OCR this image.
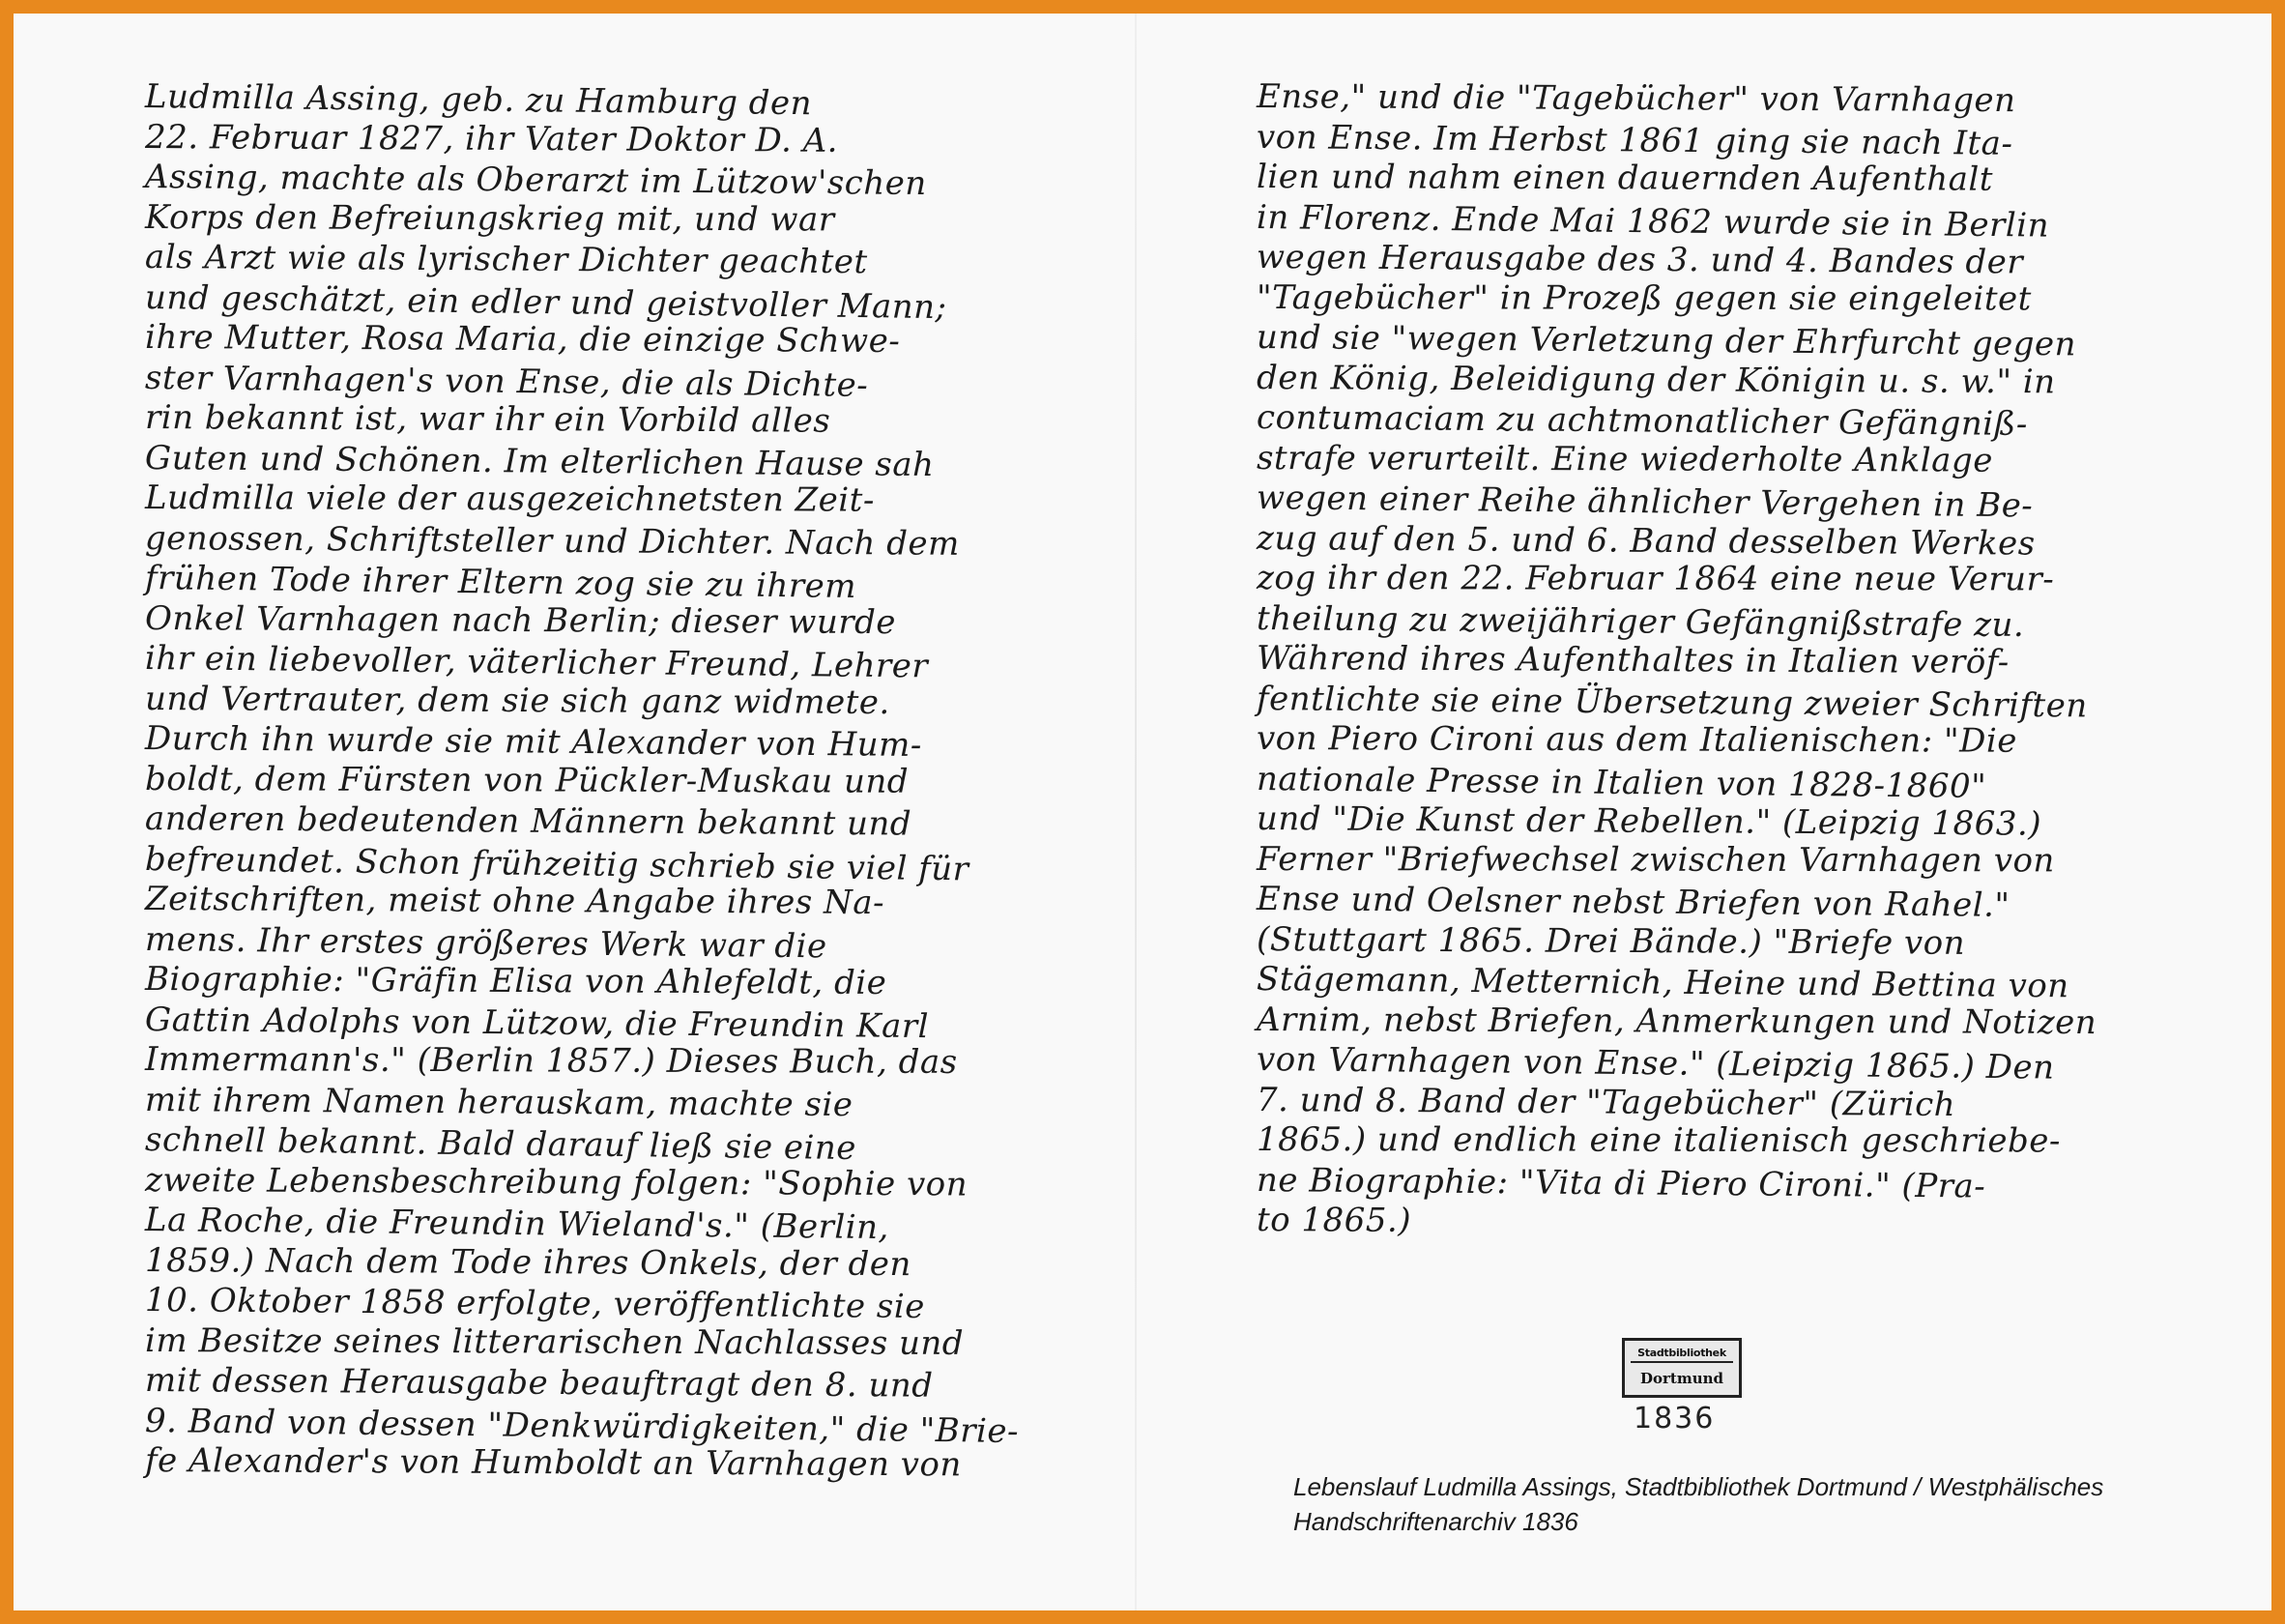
Ludmilla Assing, geb. zu Hamburg den
22. Februar 1827, ihr Vater Doktor D. A.
Assing, machte als Oberarzt im Lützow'schen
Korps den Befreiungskrieg mit, und war
als Arzt wie als lyrischer Dichter geachtet
und geschätzt, ein edler und geistvoller Mann;
ihre Mutter, Rosa Maria, die einzige Schwe-
ster Varnhagen's von Ense, die als Dichte-
rin bekannt ist, war ihr ein Vorbild alles
Guten und Schönen. Im elterlichen Hause sah
Ludmilla viele der ausgezeichnetsten Zeit-
genossen, Schriftsteller und Dichter. Nach dem
frühen Tode ihrer Eltern zog sie zu ihrem
Onkel Varnhagen nach Berlin; dieser wurde
ihr ein liebevoller, väterlicher Freund, Lehrer
und Vertrauter, dem sie sich ganz widmete.
Durch ihn wurde sie mit Alexander von Hum-
boldt, dem Fürsten von Pückler-Muskau und
anderen bedeutenden Männern bekannt und
befreundet. Schon frühzeitig schrieb sie viel für
Zeitschriften, meist ohne Angabe ihres Na-
mens. Ihr erstes größeres Werk war die
Biographie: "Gräfin Elisa von Ahlefeldt, die
Gattin Adolphs von Lützow, die Freundin Karl
Immermann's." (Berlin 1857.) Dieses Buch, das
mit ihrem Namen herauskam, machte sie
schnell bekannt. Bald darauf ließ sie eine
zweite Lebensbeschreibung folgen: "Sophie von
La Roche, die Freundin Wieland's." (Berlin,
1859.) Nach dem Tode ihres Onkels, der den
10. Oktober 1858 erfolgte, veröffentlichte sie
im Besitze seines litterarischen Nachlasses und
mit dessen Herausgabe beauftragt den 8. und
9. Band von dessen "Denkwürdigkeiten," die "Brie-
fe Alexander's von Humboldt an Varnhagen von
Ense," und die "Tagebücher" von Varnhagen
von Ense. Im Herbst 1861 ging sie nach Ita-
lien und nahm einen dauernden Aufenthalt
in Florenz. Ende Mai 1862 wurde sie in Berlin
wegen Herausgabe des 3. und 4. Bandes der
"Tagebücher" in Prozeß gegen sie eingeleitet
und sie "wegen Verletzung der Ehrfurcht gegen
den König, Beleidigung der Königin u. s. w." in
contumaciam zu achtmonatlicher Gefängniß-
strafe verurteilt. Eine wiederholte Anklage
wegen einer Reihe ähnlicher Vergehen in Be-
zug auf den 5. und 6. Band desselben Werkes
zog ihr den 22. Februar 1864 eine neue Verur-
theilung zu zweijähriger Gefängnißstrafe zu.
Während ihres Aufenthaltes in Italien veröf-
fentlichte sie eine Übersetzung zweier Schriften
von Piero Cironi aus dem Italienischen: "Die
nationale Presse in Italien von 1828-1860"
und "Die Kunst der Rebellen." (Leipzig 1863.)
Ferner "Briefwechsel zwischen Varnhagen von
Ense und Oelsner nebst Briefen von Rahel."
(Stuttgart 1865. Drei Bände.) "Briefe von
Stägemann, Metternich, Heine und Bettina von
Arnim, nebst Briefen, Anmerkungen und Notizen
von Varnhagen von Ense." (Leipzig 1865.) Den
7. und 8. Band der "Tagebücher" (Zürich
1865.) und endlich eine italienisch geschriebe-
ne Biographie: "Vita di Piero Cironi." (Pra-
to 1865.)
Stadtbibliothek
Dortmund
1836
Lebenslauf Ludmilla Assings, Stadtbibliothek Dortmund / Westphälisches
Handschriftenarchiv 1836
